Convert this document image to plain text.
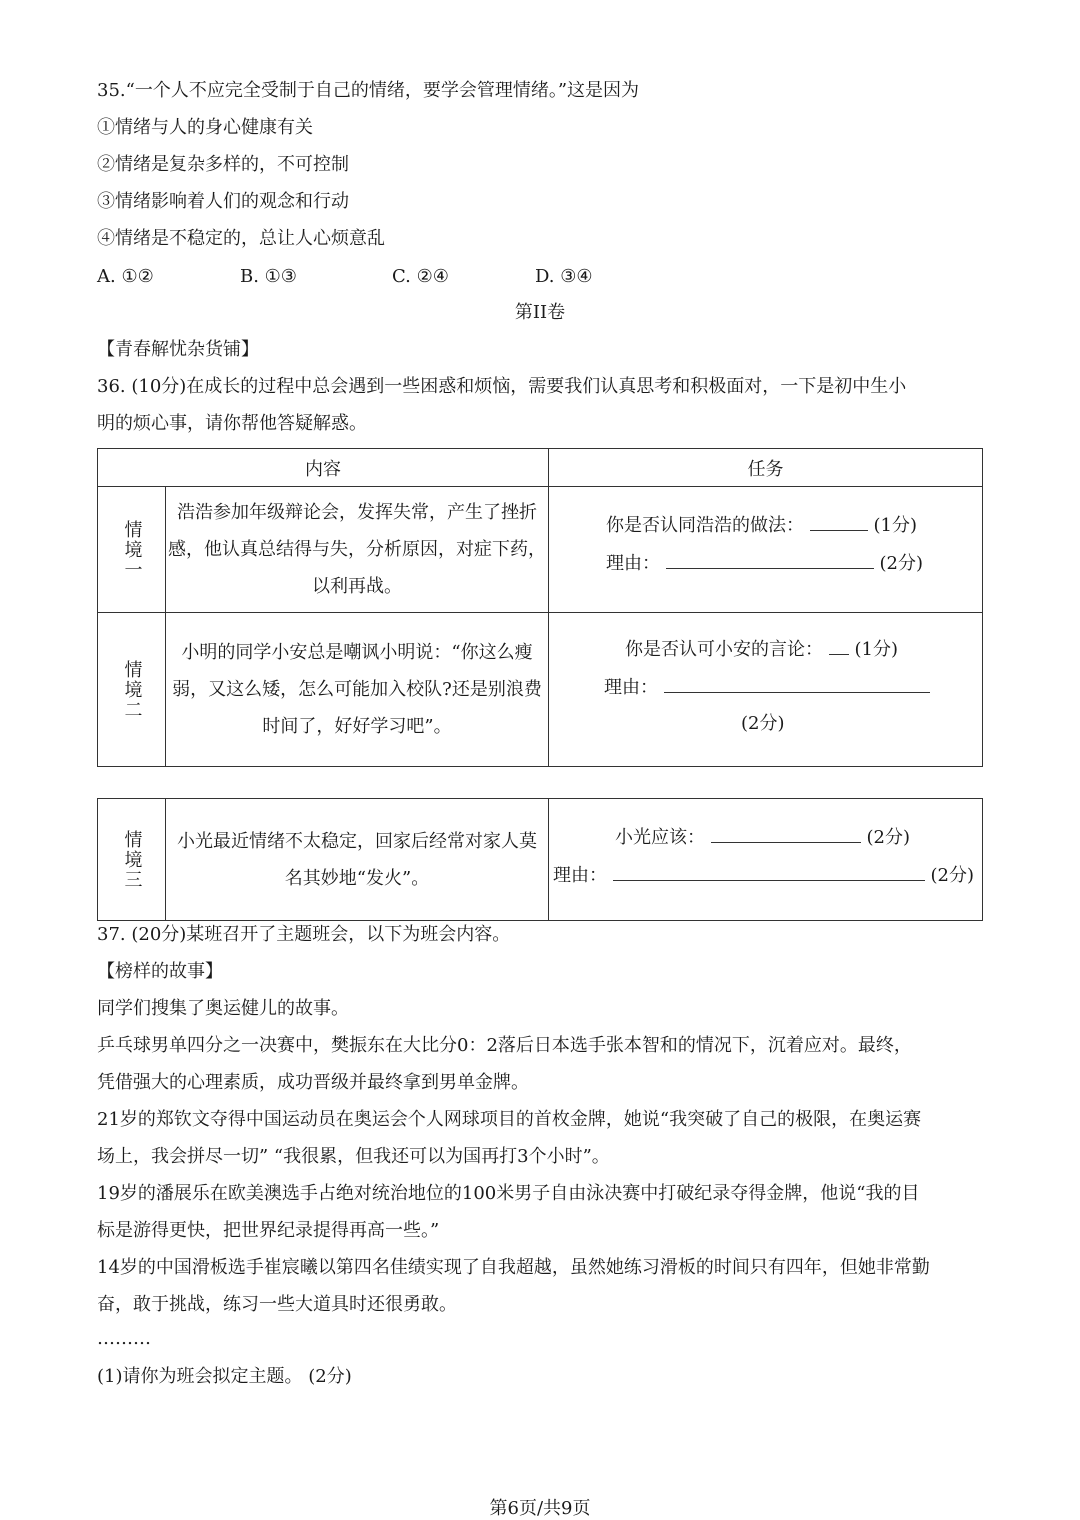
35.“一个人不应完全受制于自己的情绪，要学会管理情绪。”这是因为
①情绪与人的身心健康有关
②情绪是复杂多样的，不可控制
③情绪影响着人们的观念和行动
④情绪是不稳定的，总让人心烦意乱
A. ①②	B. ①③	C. ②④	D. ③④
第II卷
【青春解忧杂货铺】
36. (10分)在成长的过程中总会遇到一些困惑和烦恼，需要我们认真思考和积极面对，一下是初中生小
明的烦心事，请你帮他答疑解惑。
内容		任务

情境一	浩浩参加年级辩论会，发挥失常，产生了挫折感，他认真总结得与失，分析原因，对症下药，以利再战。	你是否认同浩浩的做法： (1分)
理由： (2分)

情境二	小明的同学小安总是嘲讽小明说：“你这么瘦弱，又这么矮，怎么可能加入校队?还是别浪费时间了，好好学习吧”。	你是否认可小安的言论： (1分)
理由：
(2分)
情境三	小光最近情绪不太稳定，回家后经常对家人莫名其妙地“发火”。

小光应该：	(2分)
理由：	(2分)
37. (20分)某班召开了主题班会，以下为班会内容。
【榜样的故事】
同学们搜集了奥运健儿的故事。
乒乓球男单四分之一决赛中，樊振东在大比分0：2落后日本选手张本智和的情况下，沉着应对。最终，
凭借强大的心理素质，成功晋级并最终拿到男单金牌。
21岁的郑钦文夺得中国运动员在奥运会个人网球项目的首枚金牌，她说“我突破了自己的极限，在奥运赛
场上，我会拼尽一切” “我很累，但我还可以为国再打3个小时”。
19岁的潘展乐在欧美澳选手占绝对统治地位的100米男子自由泳决赛中打破纪录夺得金牌，他说“我的目
标是游得更快，把世界纪录提得再高一些。”
14岁的中国滑板选手崔宸曦以第四名佳绩实现了自我超越，虽然她练习滑板的时间只有四年，但她非常勤
奋，敢于挑战，练习一些大道具时还很勇敢。
………
(1)请你为班会拟定主题。 (2分)
第6页/共9页
